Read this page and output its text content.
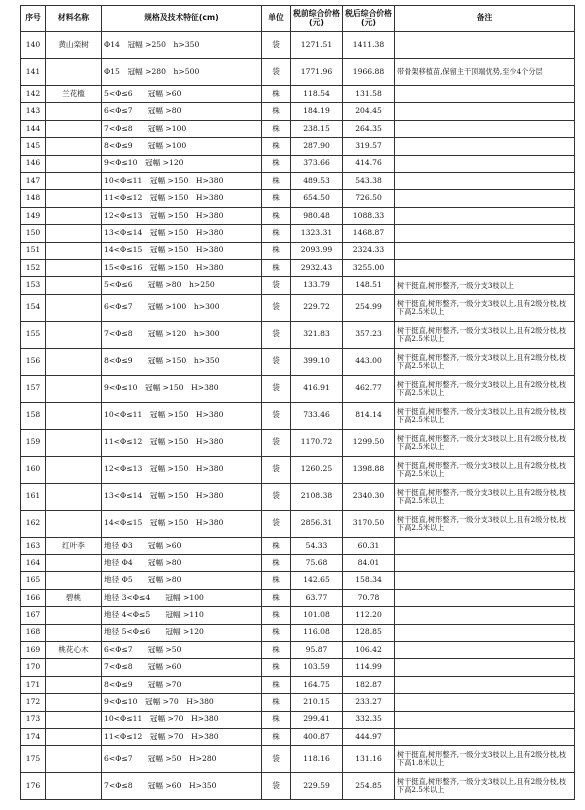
序号	材料名称	规格及技术特征(cm)	单位	税前综合价格(元)	税后综合价格(元)	备注
140	黄山栾树	Φ14　冠幅 >250　h>350	袋	1271.51	1411.38	
141		Φ15　冠幅 >280　h>500	袋	1771.96	1966.88	带骨架移植苗,保留主干顶端优势,至少4个分层
142	兰花槛	5<Φ≤6　　冠幅 >60	株	118.54	131.58	
143		6<Φ≤7　　冠幅 >80	株	184.19	204.45	
144		7<Φ≤8　　冠幅 >100	株	238.15	264.35	
145		8<Φ≤9　　冠幅 >100	株	287.90	319.57	
146		9<Φ≤10　冠幅 >120	株	373.66	414.76	
147		10<Φ≤11　冠幅 >150　H>380	株	489.53	543.38	
148		11<Φ≤12　冠幅 >150　H>380	株	654.50	726.50	
149		12<Φ≤13　冠幅 >150　H>380	株	980.48	1088.33	
150		13<Φ≤14　冠幅 >150　H>380	株	1323.31	1468.87	
151		14<Φ≤15　冠幅 >150　H>380	株	2093.99	2324.33	
152		15<Φ≤16　冠幅 >150　H>380	株	2932.43	3255.00	
153		5<Φ≤6　　冠幅 >80　h>250	袋	133.79	148.51	树干挺直,树形整齐,一级分支3枝以上
154		6<Φ≤7　　冠幅 >100　h>300	袋	229.72	254.99	树干挺直,树形整齐,一级分支3枝以上,且有2级分枝,枝下高2.5米以上
155		7<Φ≤8　　冠幅 >120　h>300	袋	321.83	357.23	树干挺直,树形整齐,一级分支3枝以上,且有2级分枝,枝下高2.5米以上
156		8<Φ≤9　　冠幅 >150　h>350	袋	399.10	443.00	树干挺直,树形整齐,一级分支3枝以上,且有2级分枝,枝下高2.5米以上
157		9<Φ≤10　冠幅 >150　H>380	袋	416.91	462.77	树干挺直,树形整齐,一级分支3枝以上,且有2级分枝,枝下高2.5米以上
158		10<Φ≤11　冠幅 >150　H>380	袋	733.46	814.14	树干挺直,树形整齐,一级分支3枝以上,且有2级分枝,枝下高2.5米以上
159		11<Φ≤12　冠幅 >150　H>380	袋	1170.72	1299.50	树干挺直,树形整齐,一级分支3枝以上,且有2级分枝,枝下高2.5米以上
160		12<Φ≤13　冠幅 >150　H>380	袋	1260.25	1398.88	树干挺直,树形整齐,一级分支3枝以上,且有2级分枝,枝下高2.5米以上
161		13<Φ≤14　冠幅 >150　H>380	袋	2108.38	2340.30	树干挺直,树形整齐,一级分支3枝以上,且有2级分枝,枝下高2.5米以上
162		14<Φ≤15　冠幅 >150　H>380	袋	2856.31	3170.50	树干挺直,树形整齐,一级分支3枝以上,且有2级分枝,枝下高2.5米以上
163	红叶李	地径 Φ3　　冠幅 >60	株	54.33	60.31	
164		地径 Φ4　　冠幅 >80	株	75.68	84.01	
165		地径 Φ5　　冠幅 >80	株	142.65	158.34	
166	碧桃	地径 3<Φ≤4　　冠幅 >100	株	63.77	70.78	
167		地径 4<Φ≤5　　冠幅 >110	株	101.08	112.20	
168		地径 5<Φ≤6　　冠幅 >120	株	116.08	128.85	
169	桃花心木	6<Φ≤7　　冠幅 >50	株	95.87	106.42	
170		7<Φ≤8　　冠幅 >60	株	103.59	114.99	
171		8<Φ≤9　　冠幅 >70	株	164.75	182.87	
172		9<Φ≤10　冠幅 >70　H>380	株	210.15	233.27	
173		10<Φ≤11　冠幅 >70　H>380	株	299.41	332.35	
174		11<Φ≤12　冠幅 >70　H>380	株	400.87	444.97	
175		6<Φ≤7　　冠幅 >50　H>280	袋	118.16	131.16	树干挺直,树形整齐,一级分支3枝以上,且有2级分枝,枝下高1.8米以上
176		7<Φ≤8　　冠幅 >60　H>350	袋	229.59	254.85	树干挺直,树形整齐,一级分支3枝以上,且有2级分枝,枝下高2.5米以上
